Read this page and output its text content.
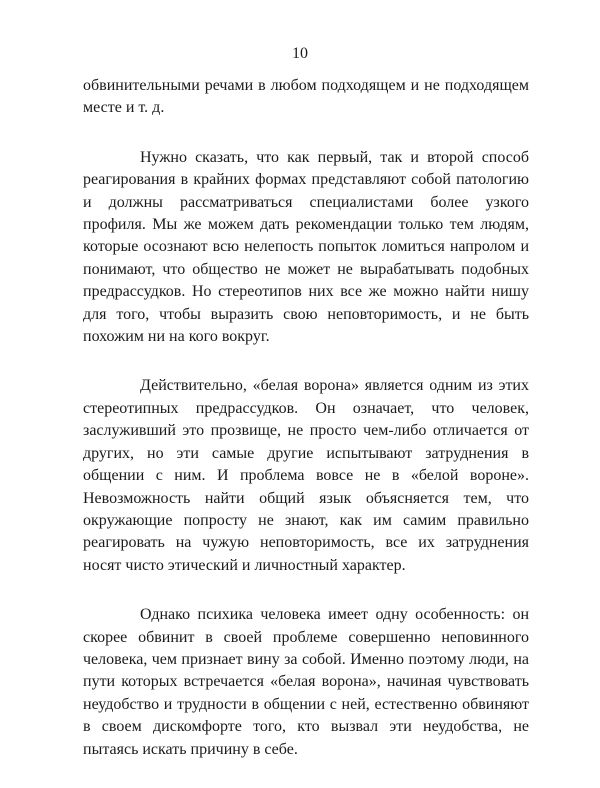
10

обвинительными речами в любом подходящем и не подходящем месте и т. д.

Нужно сказать, что как первый, так и второй способ реагирования в крайних формах представляют собой патологию и должны рассматриваться специалистами более узкого профиля. Мы же можем дать рекомендации только тем людям, которые осознают всю нелепость попыток ломиться напролом и понимают, что общество не может не вырабатывать подобных предрассудков. Но стереотипов них все же можно найти нишу для того, чтобы выразить свою неповторимость, и не быть похожим ни на кого вокруг.

Действительно, «белая ворона» является одним из этих стереотипных предрассудков. Он означает, что человек, заслуживший это прозвище, не просто чем-либо отличается от других, но эти самые другие испытывают затруднения в общении с ним. И проблема вовсе не в «белой вороне». Невозможность найти общий язык объясняется тем, что окружающие попросту не знают, как им самим правильно реагировать на чужую неповторимость, все их затруднения носят чисто этический и личностный характер.

Однако психика человека имеет одну особенность: он скорее обвинит в своей проблеме совершенно неповинного человека, чем признает вину за собой. Именно поэтому люди, на пути которых встречается «белая ворона», начиная чувствовать неудобство и трудности в общении с ней, естественно обвиняют в своем дискомфорте того, кто вызвал эти неудобства, не пытаясь искать причину в себе.
